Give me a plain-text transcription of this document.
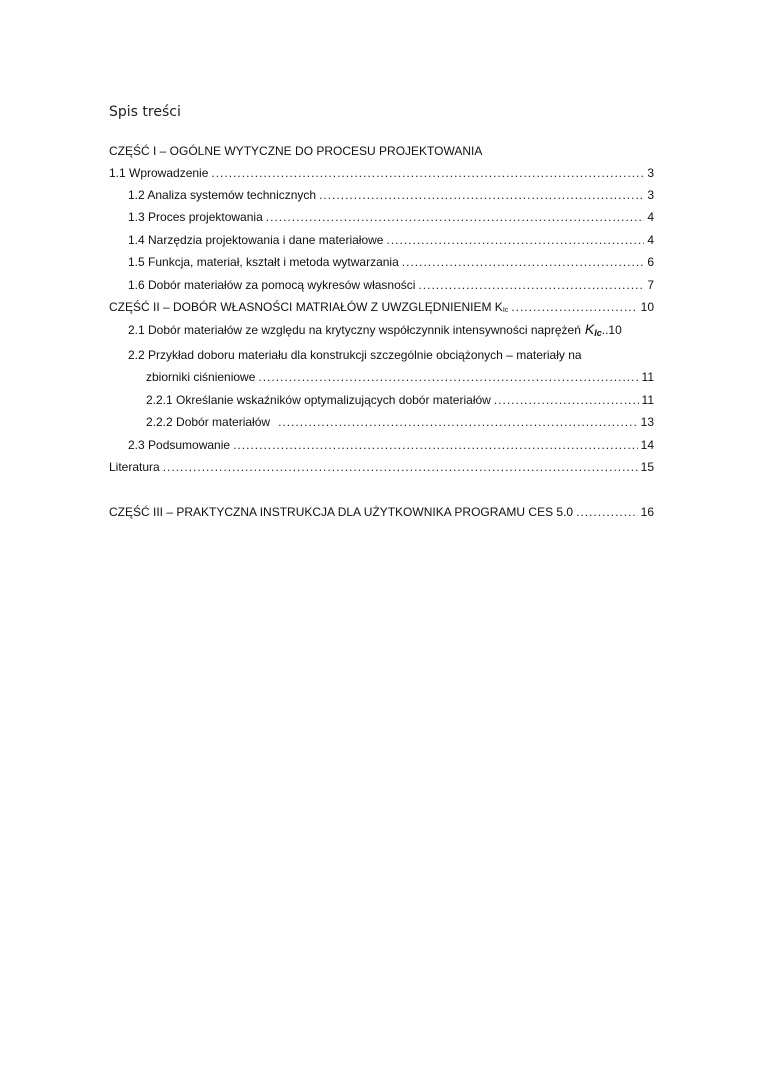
Spis treści
CZĘŚĆ I – OGÓLNE WYTYCZNE DO PROCESU PROJEKTOWANIA
1.1 Wprowadzenie .....	3
1.2 Analiza systemów technicznych .....	3
1.3 Proces projektowania .....	4
1.4 Narzędzia projektowania i dane materiałowe .....	4
1.5 Funkcja, materiał, kształt i metoda wytwarzania .....	6
1.6 Dobór materiałów za pomocą wykresów własności .....	7
CZĘŚĆ II – DOBÓR WŁASNOŚCI MATRIAŁÓW Z UWZGLĘDNIENIEM KIc .....	10
2.1 Dobór materiałów ze względu na krytyczny współczynnik intensywności naprężeń KIc .. 10
2.2 Przykład doboru materiału dla konstrukcji szczególnie obciążonych – materiały na
zbiorniki ciśnieniowe .....	11
2.2.1 Określanie wskaźników optymalizujących dobór materiałów .....	11
2.2.2 Dobór materiałów .....	13
2.3 Podsumowanie .....	14
Literatura .....	15
CZĘŚĆ III – PRAKTYCZNA INSTRUKCJA DLA UŻYTKOWNIKA PROGRAMU CES 5.0 .....	16
